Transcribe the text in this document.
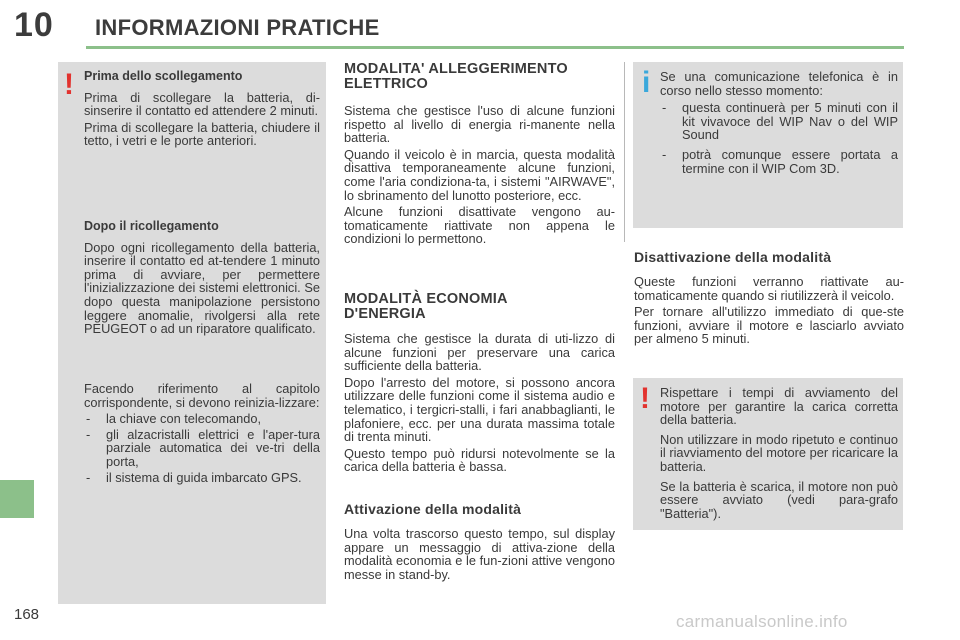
10 INFORMAZIONI PRATICHE
! Prima dello scollegamento

Prima di scollegare la batteria, di-sinserire il contatto ed attendere 2 minuti.

Prima di scollegare la batteria, chiudere il tetto, i vetri e le porte anteriori.

Dopo il ricollegamento

Dopo ogni ricollegamento della batteria, inserire il contatto ed at-tendere 1 minuto prima di avviare, per permettere l'inizializzazione dei sistemi elettronici. Se dopo questa manipolazione persistono leggere anomalie, rivolgersi alla rete PEUGEOT o ad un riparatore qualificato.

Facendo riferimento al capitolo corrispondente, si devono reinizia-lizzare:

- la chiave con telecomando,
- gli alzacristalli elettrici e l'aper-tura parziale automatica dei ve-tri della porta,
- il sistema di guida imbarcato GPS.
MODALITA' ALLEGGERIMENTO ELETTRICO

Sistema che gestisce l'uso di alcune funzioni rispetto al livello di energia ri-manente nella batteria.

Quando il veicolo è in marcia, questa modalità disattiva temporaneamente alcune funzioni, come l'aria condiziona-ta, i sistemi "AIRWAVE", lo sbrinamento del lunotto posteriore, ecc.

Alcune funzioni disattivate vengono au-tomaticamente riattivate non appena le condizioni lo permettono.

MODALITÀ ECONOMIA D'ENERGIA

Sistema che gestisce la durata di uti-lizzo di alcune funzioni per preservare una carica sufficiente della batteria.

Dopo l'arresto del motore, si possono ancora utilizzare delle funzioni come il sistema audio e telematico, i tergicri-stalli, i fari anabbaglianti, le plafoniere, ecc. per una durata massima totale di trenta minuti.

Questo tempo può ridursi notevolmente se la carica della batteria è bassa.

Attivazione della modalità

Una volta trascorso questo tempo, sul display appare un messaggio di attiva-zione della modalità economia e le fun-zioni attive vengono messe in stand-by.

i Se una comunicazione telefonica è in corso nello stesso momento:

- questa continuerà per 5 minuti con il kit vivavoce del WIP Nav o del WIP Sound
- potrà comunque essere portata a termine con il WIP Com 3D.
Disattivazione della modalità

Queste funzioni verranno riattivate au-tomaticamente quando si riutilizzerà il veicolo.

Per tornare all'utilizzo immediato di que-ste funzioni, avviare il motore e lasciarlo avviato per almeno 5 minuti.

! Rispettare i tempi di avviamento del motore per garantire la carica corretta della batteria.

Non utilizzare in modo ripetuto e continuo il riavviamento del motore per ricaricare la batteria.

Se la batteria è scarica, il motore non può essere avviato (vedi para-grafo "Batteria").

168	carmanualsonline.info
